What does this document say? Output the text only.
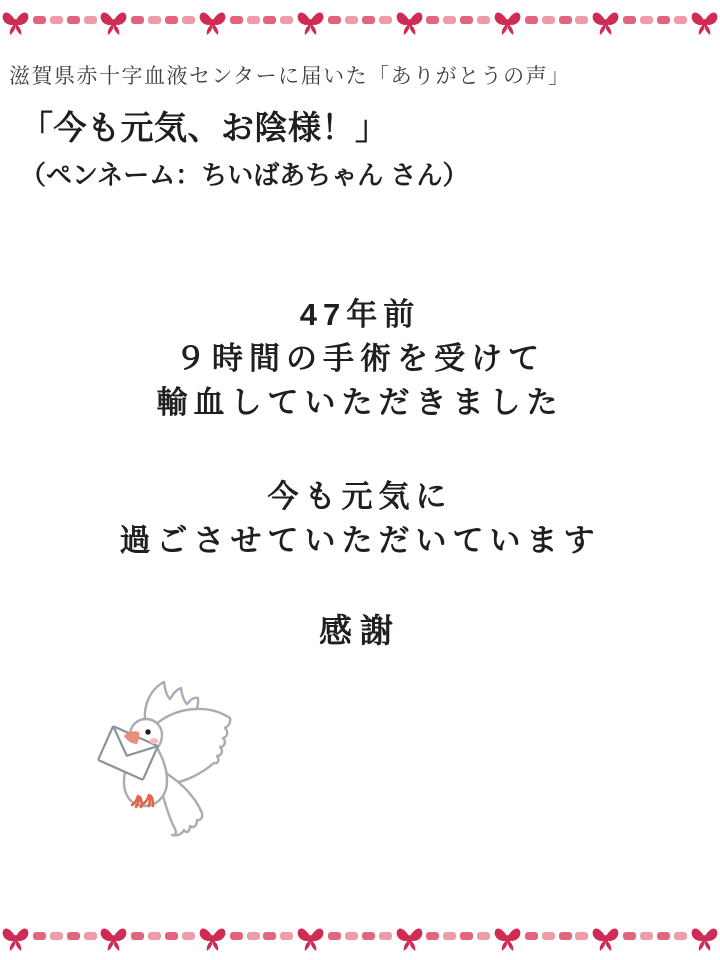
滋賀県赤十字血液センターに届いた「ありがとうの声」
「今も元気、お陰様！」
（ペンネーム：ちいばあちゃん さん）
47年前
９時間の手術を受けて
輸血していただきました
今も元気に
過ごさせていただいています
感謝
